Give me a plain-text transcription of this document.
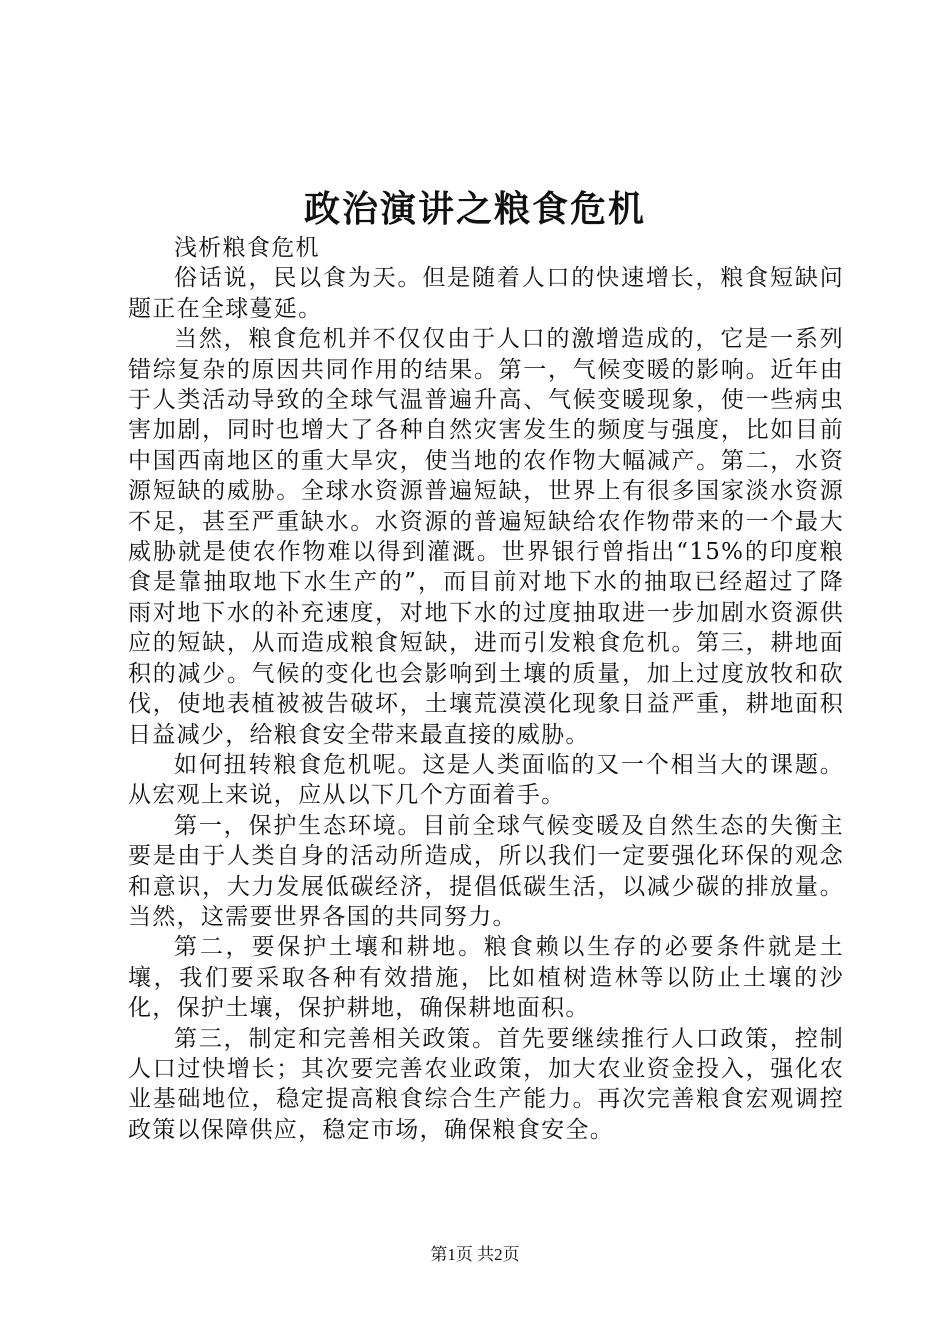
政治演讲之粮食危机

浅析粮食危机

俗话说，民以食为天。但是随着人口的快速增长，粮食短缺问题正在全球蔓延。

当然，粮食危机并不仅仅由于人口的激增造成的，它是一系列错综复杂的原因共同作用的结果。第一，气候变暖的影响。近年由于人类活动导致的全球气温普遍升高、气候变暖现象，使一些病虫害加剧，同时也增大了各种自然灾害发生的频度与强度，比如目前中国西南地区的重大旱灾，使当地的农作物大幅减产。第二，水资源短缺的威胁。全球水资源普遍短缺，世界上有很多国家淡水资源不足，甚至严重缺水。水资源的普遍短缺给农作物带来的一个最大威胁就是使农作物难以得到灌溉。世界银行曾指出“15%的印度粮食是靠抽取地下水生产的”，而目前对地下水的抽取已经超过了降雨对地下水的补充速度，对地下水的过度抽取进一步加剧水资源供应的短缺，从而造成粮食短缺，进而引发粮食危机。第三，耕地面积的减少。气候的变化也会影响到土壤的质量，加上过度放牧和砍伐，使地表植被被告破坏，土壤荒漠漠化现象日益严重，耕地面积日益减少，给粮食安全带来最直接的威胁。

如何扭转粮食危机呢。这是人类面临的又一个相当大的课题。从宏观上来说，应从以下几个方面着手。

第一，保护生态环境。目前全球气候变暖及自然生态的失衡主要是由于人类自身的活动所造成，所以我们一定要强化环保的观念和意识，大力发展低碳经济，提倡低碳生活，以减少碳的排放量。当然，这需要世界各国的共同努力。

第二，要保护土壤和耕地。粮食赖以生存的必要条件就是土壤，我们要采取各种有效措施，比如植树造林等以防止土壤的沙化，保护土壤，保护耕地，确保耕地面积。

第三，制定和完善相关政策。首先要继续推行人口政策，控制人口过快增长；其次要完善农业政策，加大农业资金投入，强化农业基础地位，稳定提高粮食综合生产能力。再次完善粮食宏观调控政策以保障供应，稳定市场，确保粮食安全。

第1页 共2页
